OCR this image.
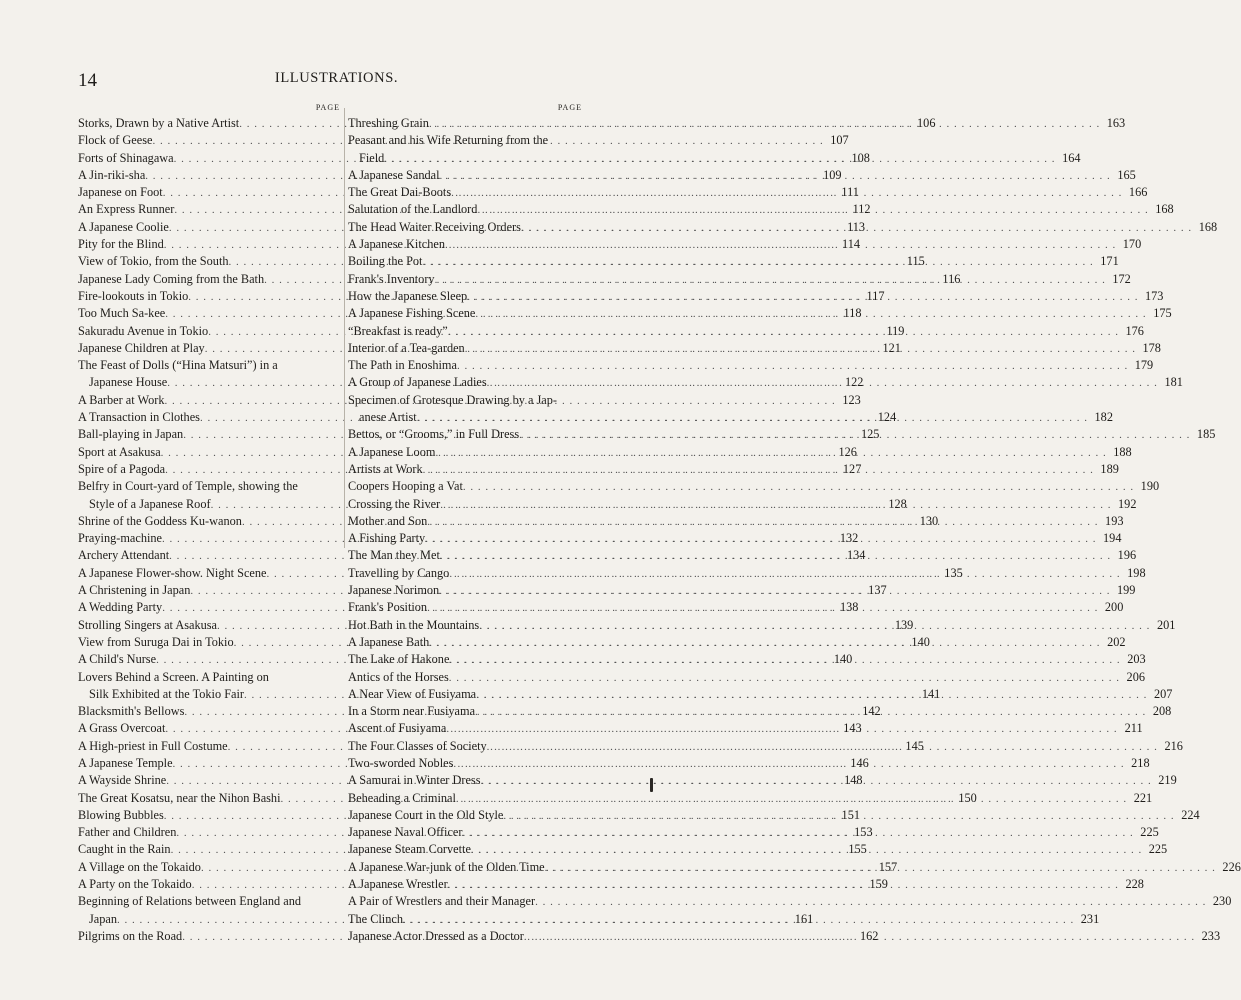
14	ILLUSTRATIONS.
PAGE
Storks, Drawn by a Native Artist . . .	106
Flock of Geese . . .	107
Forts of Shinagawa . . .	108
A Jin-riki-sha . . .	109
Japanese on Foot . . .	111
An Express Runner . . .	112
A Japanese Coolie . . .	113
Pity for the Blind . . .	114
View of Tokio, from the South . . .	115
Japanese Lady Coming from the Bath . . .	116
Fire-lookouts in Tokio . . .	117
Too Much Sa-kee . . .	118
Sakuradu Avenue in Tokio . . .	119
Japanese Children at Play . . .	121
The Feast of Dolls (“Hina Matsuri”) in a
Japanese House . . .	122
A Barber at Work . . .	123
A Transaction in Clothes . . .	124
Ball-playing in Japan . . .	125
Sport at Asakusa . . .	126
Spire of a Pagoda . . .	127
Belfry in Court-yard of Temple, showing the
Style of a Japanese Roof . . .	128
Shrine of the Goddess Ku-wanon . . .	130
Praying-machine . . .	132
Archery Attendant . . .	134
A Japanese Flower-show. Night Scene . . .	135
A Christening in Japan . . .	137
A Wedding Party . . .	138
Strolling Singers at Asakusa . . .	139
View from Suruga Dai in Tokio . . .	140
A Child's Nurse . . .	140
Lovers Behind a Screen. A Painting on
Silk Exhibited at the Tokio Fair . . .	141
Blacksmith's Bellows . . .	142
A Grass Overcoat . . .	143
A High-priest in Full Costume . . .	145
A Japanese Temple . . .	146
A Wayside Shrine . . .	148
The Great Kosatsu, near the Nihon Bashi . . .	150
Blowing Bubbles . . .	151
Father and Children . . .	153
Caught in the Rain . . .	155
A Village on the Tokaido . . .	157
A Party on the Tokaido . . .	159
Beginning of Relations between England and
Japan . . .	161
Pilgrims on the Road . . .	162
PAGE
Threshing Grain . . .	163
Peasant and his Wife Returning from the
Field . . .	164
A Japanese Sandal . . .	165
The Great Dai-Boots . . .	166
Salutation of the Landlord . . .	168
The Head Waiter Receiving Orders . . .	168
A Japanese Kitchen . . .	170
Boiling the Pot . . .	171
Frank's Inventory . . .	172
How the Japanese Sleep . . .	173
A Japanese Fishing Scene . . .	175
“Breakfast is ready” . . .	176
Interior of a Tea-garden . . .	178
The Path in Enoshima . . .	179
A Group of Japanese Ladies . . .	181
Specimen of Grotesque Drawing by a Jap-
anese Artist . . .	182
Bettos, or “Grooms,” in Full Dress . . .	185
A Japanese Loom . . .	188
Artists at Work . . .	189
Coopers Hooping a Vat . . .	190
Crossing the River . . .	192
Mother and Son . . .	193
A Fishing Party . . .	194
The Man they Met . . .	196
Travelling by Cango . . .	198
Japanese Norimon . . .	199
Frank's Position . . .	200
Hot Bath in the Mountains . . .	201
A Japanese Bath . . .	202
The Lake of Hakone . . .	203
Antics of the Horses . . .	206
A Near View of Fusiyama . . .	207
In a Storm near Fusiyama . . .	208
Ascent of Fusiyama . . .	211
The Four Classes of Society . . .	216
Two-sworded Nobles . . .	218
A Samurai in Winter Dress . . .	219
Beheading a Criminal . . .	221
Japanese Court in the Old Style . . .	224
Japanese Naval Officer . . .	225
Japanese Steam Corvette . . .	225
A Japanese War-junk of the Olden Time . . .	226
A Japanese Wrestler . . .	228
A Pair of Wrestlers and their Manager . . .	230
The Clinch . . .	231
Japanese Actor Dressed as a Doctor . . .	233
